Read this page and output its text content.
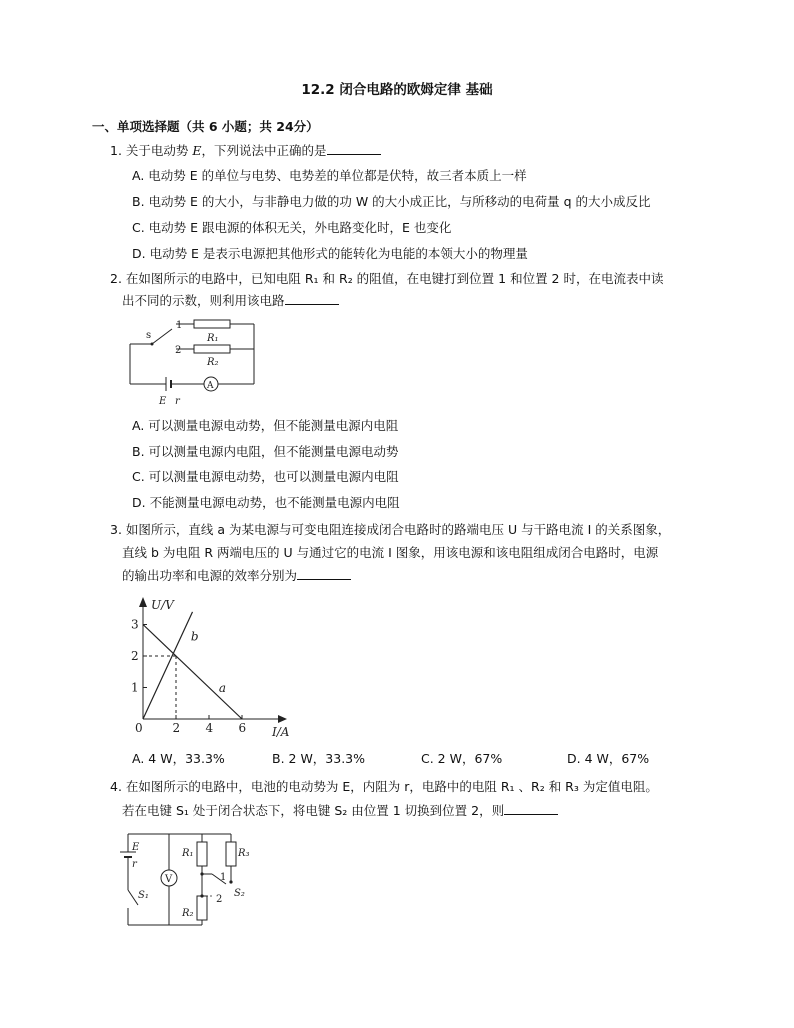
12.2 闭合电路的欧姆定律 基础
一、单项选择题（共 6 小题；共 24分）
1. 关于电动势 E，下列说法中正确的是
A. 电动势 E 的单位与电势、电势差的单位都是伏特，故三者本质上一样
B. 电动势 E 的大小，与非静电力做的功 W 的大小成正比，与所移动的电荷量 q 的大小成反比
C. 电动势 E 跟电源的体积无关，外电路变化时，E 也变化
D. 电动势 E 是表示电源把其他形式的能转化为电能的本领大小的物理量
2. 在如图所示的电路中，已知电阻 R₁ 和 R₂ 的阻值，在电键打到位置 1 和位置 2 时，在电流表中读
出不同的示数，则利用该电路
s
1
2
R₁
R₂
E r
A
A. 可以测量电源电动势，但不能测量电源内电阻
B. 可以测量电源内电阻，但不能测量电源电动势
C. 可以测量电源电动势，也可以测量电源内电阻
D. 不能测量电源电动势，也不能测量电源内电阻
3. 如图所示，直线 a 为某电源与可变电阻连接成闭合电路时的路端电压 U 与干路电流 I 的关系图象，
直线 b 为电阻 R 两端电压的 U 与通过它的电流 I 图象，用该电源和该电阻组成闭合电路时，电源
的输出功率和电源的效率分别为
b
a
0 2 4 6
1
2
3
U/V
I/A
A. 4 W，33.3%	B. 2 W，33.3%	C. 2 W，67%	D. 4 W，67%
4. 在如图所示的电路中，电池的电动势为 E，内阻为 r，电路中的电阻 R₁ 、R₂ 和 R₃ 为定值电阻。
若在电键 S₁ 处于闭合状态下，将电键 S₂ 由位置 1 切换到位置 2，则
E
r
S₁
V
R₁
R₂
R₃
1
2
S₂
